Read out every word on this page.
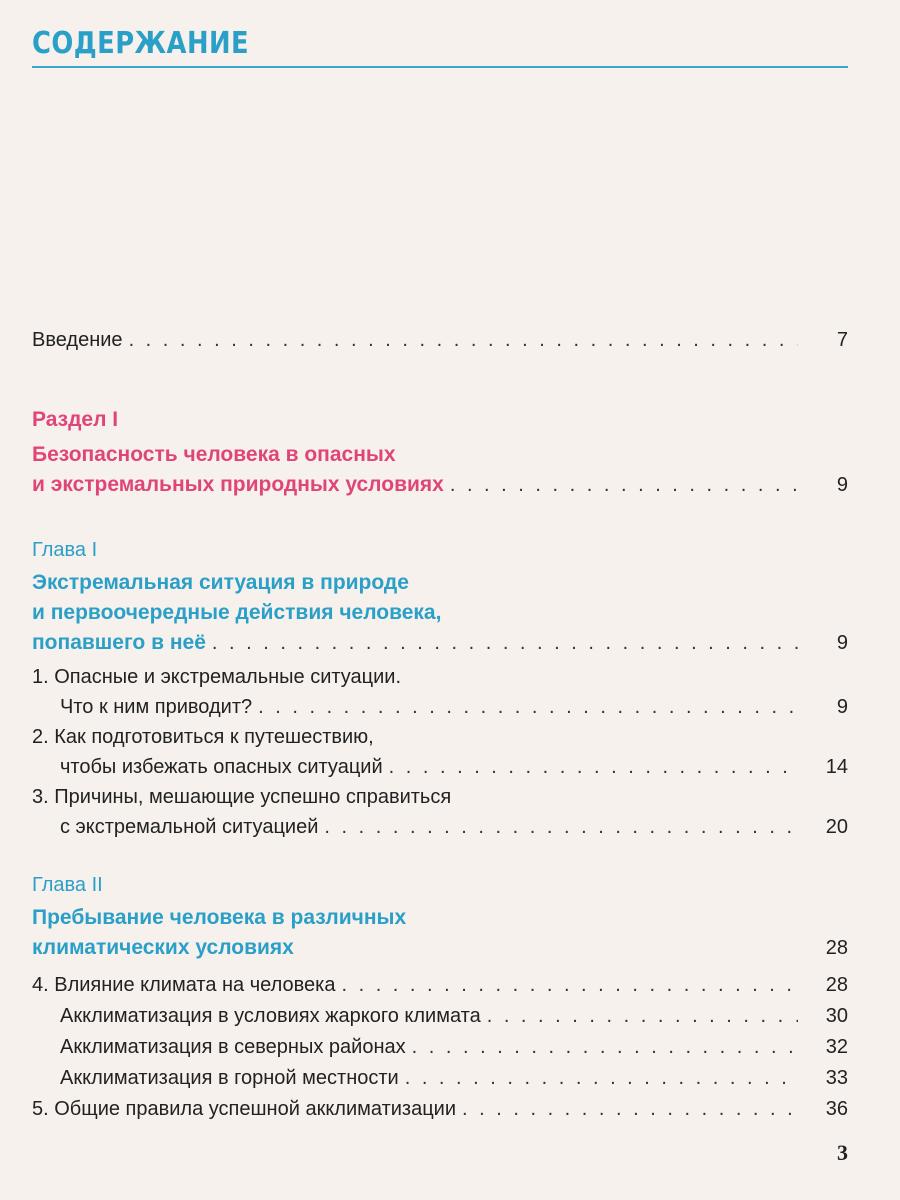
СОДЕРЖАНИЕ
Введение . . .	7
Раздел I
Безопасность человека в опасных
и экстремальных природных условиях . . .	9
Глава I
Экстремальная ситуация в природе
и первоочередные действия человека,
попавшего в неё . . .	9
1. Опасные и экстремальные ситуации.
Что к ним приводит? . . .	9
2. Как подготовиться к путешествию,
чтобы избежать опасных ситуаций . . .	14
3. Причины, мешающие успешно справиться
с экстремальной ситуацией . . .	20
Глава II
Пребывание человека в различных
климатических условиях	28
4. Влияние климата на человека . . .	28
Акклиматизация в условиях жаркого климата . . .	30
Акклиматизация в северных районах . . .	32
Акклиматизация в горной местности . . .	33
5. Общие правила успешной акклиматизации . . .	36
3
